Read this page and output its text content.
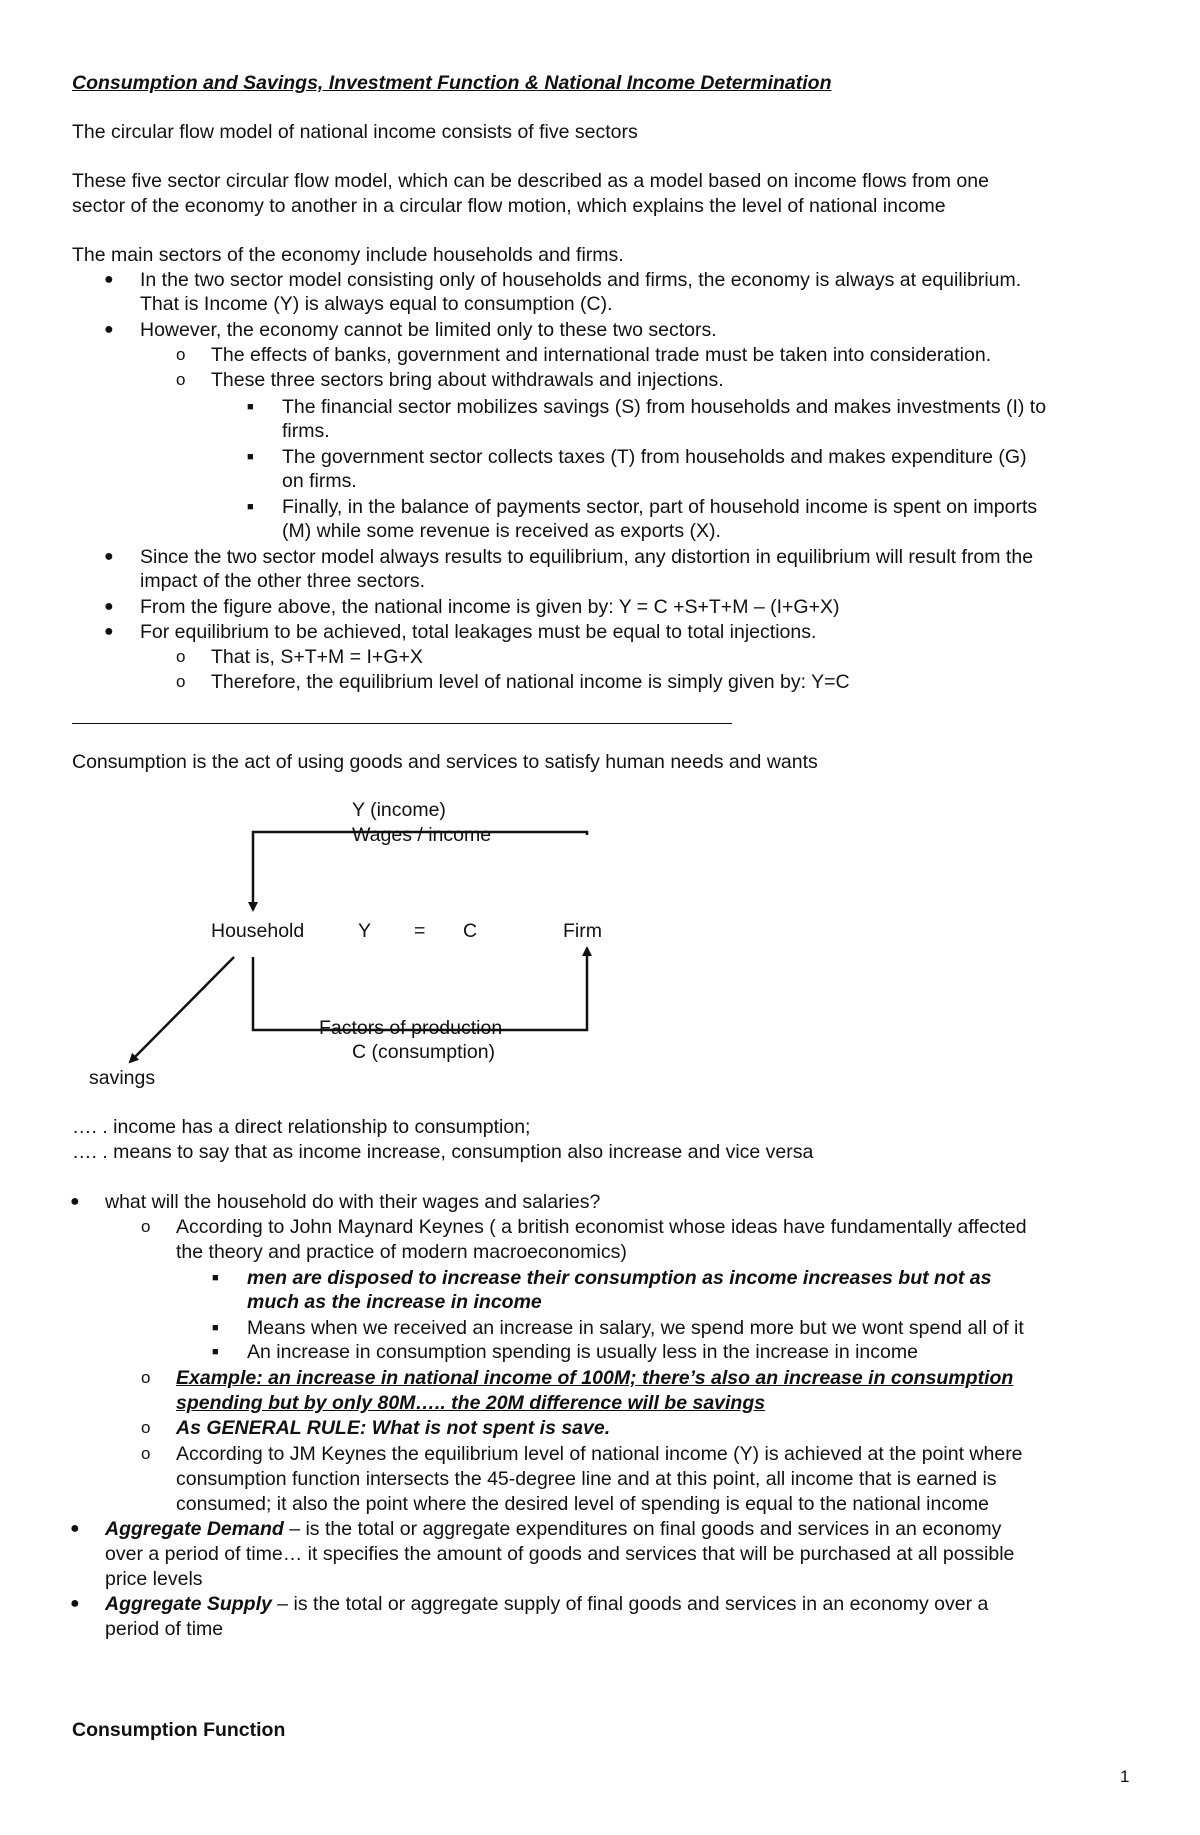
Consumption and Savings, Investment Function & National Income Determination
The circular flow model of national income consists of five sectors
These five sector circular flow model, which can be described as a model based on income flows from one
sector of the economy to another in a circular flow motion, which explains the level of national income
The main sectors of the economy include households and firms.
● In the two sector model consisting only of households and firms, the economy is always at equilibrium.
That is Income (Y) is always equal to consumption (C).
● However, the economy cannot be limited only to these two sectors.
o The effects of banks, government and international trade must be taken into consideration.
o These three sectors bring about withdrawals and injections.
■ The financial sector mobilizes savings (S) from households and makes investments (I) to
firms.
■ The government sector collects taxes (T) from households and makes expenditure (G)
on firms.
■ Finally, in the balance of payments sector, part of household income is spent on imports
(M) while some revenue is received as exports (X).
● Since the two sector model always results to equilibrium, any distortion in equilibrium will result from the
impact of the other three sectors.
● From the figure above, the national income is given by: Y = C +S+T+M – (I+G+X)
● For equilibrium to be achieved, total leakages must be equal to total injections.
o That is, S+T+M = I+G+X
o Therefore, the equilibrium level of national income is simply given by: Y=C
Consumption is the act of using goods and services to satisfy human needs and wants
Y (income)
Wages / income
Household	Y = C	Firm
Factors of production
C (consumption)
savings
…. . income has a direct relationship to consumption;
…. . means to say that as income increase, consumption also increase and vice versa
● what will the household do with their wages and salaries?
o According to John Maynard Keynes ( a british economist whose ideas have fundamentally affected
the theory and practice of modern macroeconomics)
■ men are disposed to increase their consumption as income increases but not as
much as the increase in income
■ Means when we received an increase in salary, we spend more but we wont spend all of it
■ An increase in consumption spending is usually less in the increase in income
o Example: an increase in national income of 100M; there’s also an increase in consumption
spending but by only 80M….. the 20M difference will be savings
o As GENERAL RULE: What is not spent is save.
o According to JM Keynes the equilibrium level of national income (Y) is achieved at the point where
consumption function intersects the 45-degree line and at this point, all income that is earned is
consumed; it also the point where the desired level of spending is equal to the national income
● Aggregate Demand – is the total or aggregate expenditures on final goods and services in an economy
over a period of time… it specifies the amount of goods and services that will be purchased at all possible
price levels
● Aggregate Supply – is the total or aggregate supply of final goods and services in an economy over a
period of time
Consumption Function
1
